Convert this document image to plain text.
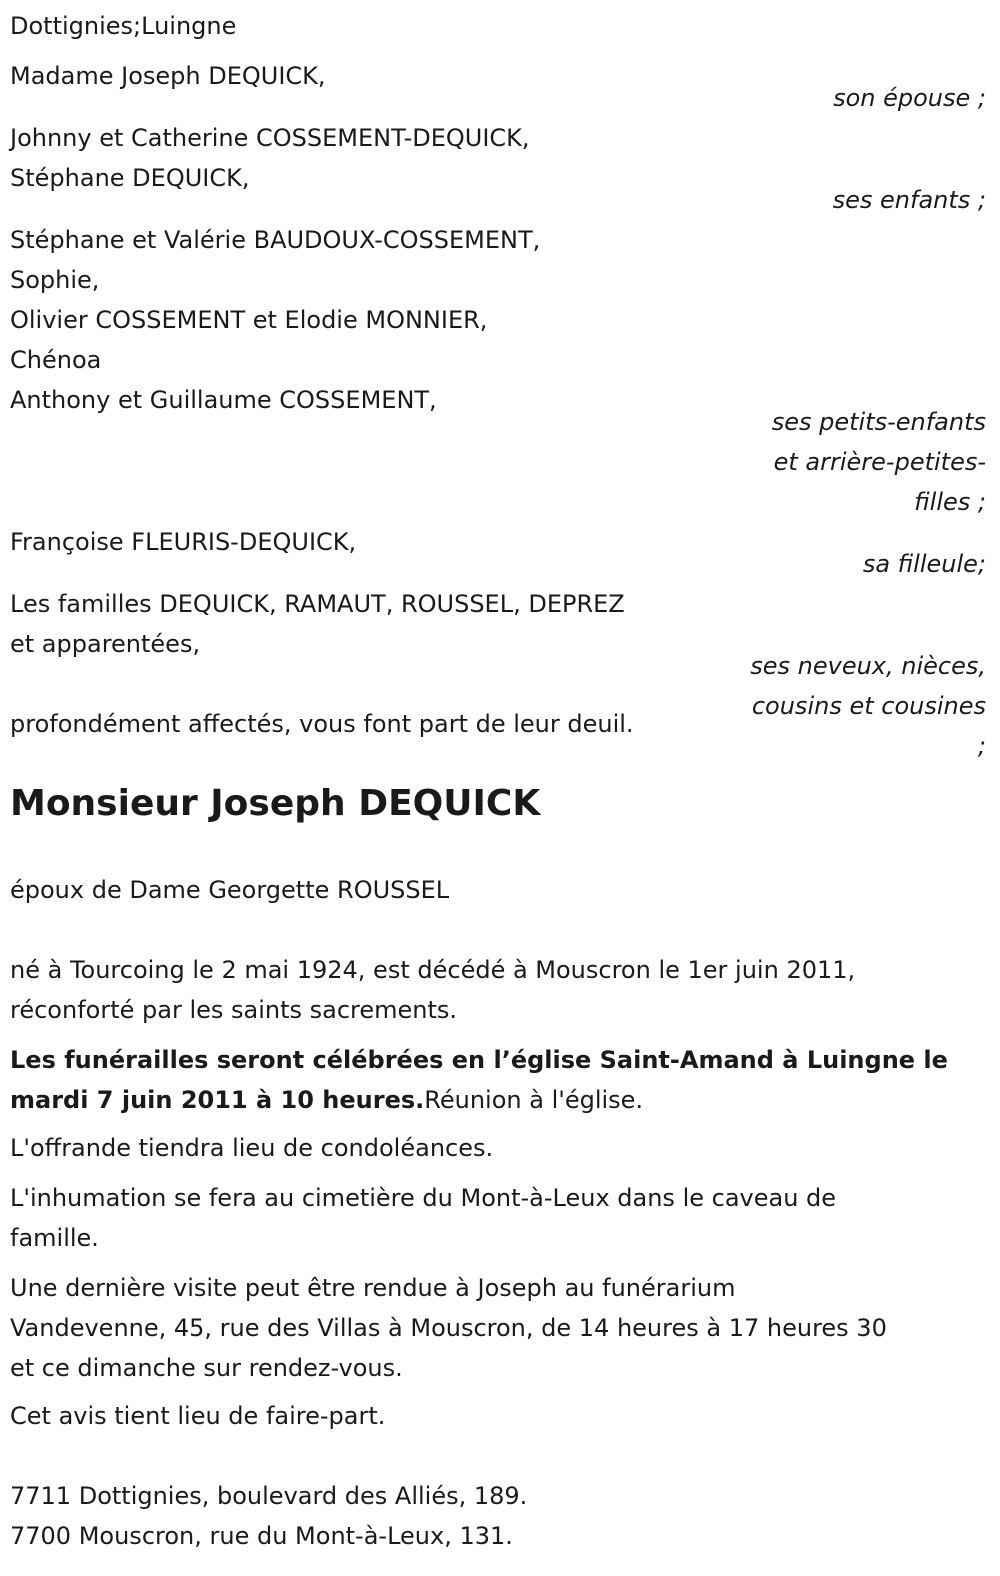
Dottignies;Luingne
Madame Joseph DEQUICK,
son épouse ;
Johnny et Catherine COSSEMENT-DEQUICK,
Stéphane DEQUICK,
ses enfants ;
Stéphane et Valérie BAUDOUX-COSSEMENT,
Sophie,
Olivier COSSEMENT et Elodie MONNIER,
Chénoa
Anthony et Guillaume COSSEMENT,
ses petits-enfants
et arrière-petites-
filles ;
Françoise FLEURIS-DEQUICK,
sa filleule;
Les familles DEQUICK, RAMAUT, ROUSSEL, DEPREZ
et apparentées,
ses neveux, nièces,
cousins et cousines
;
profondément affectés, vous font part de leur deuil.
Monsieur Joseph DEQUICK
époux de Dame Georgette ROUSSEL
né à Tourcoing le 2 mai 1924, est décédé à Mouscron le 1er juin 2011,
réconforté par les saints sacrements.
Les funérailles seront célébrées en l’église Saint-Amand à Luingne le
mardi 7 juin 2011 à 10 heures.Réunion à l'église.
L'offrande tiendra lieu de condoléances.
L'inhumation se fera au cimetière du Mont-à-Leux dans le caveau de
famille.
Une dernière visite peut être rendue à Joseph au funérarium
Vandevenne, 45, rue des Villas à Mouscron, de 14 heures à 17 heures 30
et ce dimanche sur rendez-vous.
Cet avis tient lieu de faire-part.
7711 Dottignies, boulevard des Alliés, 189.
7700 Mouscron, rue du Mont-à-Leux, 131.
